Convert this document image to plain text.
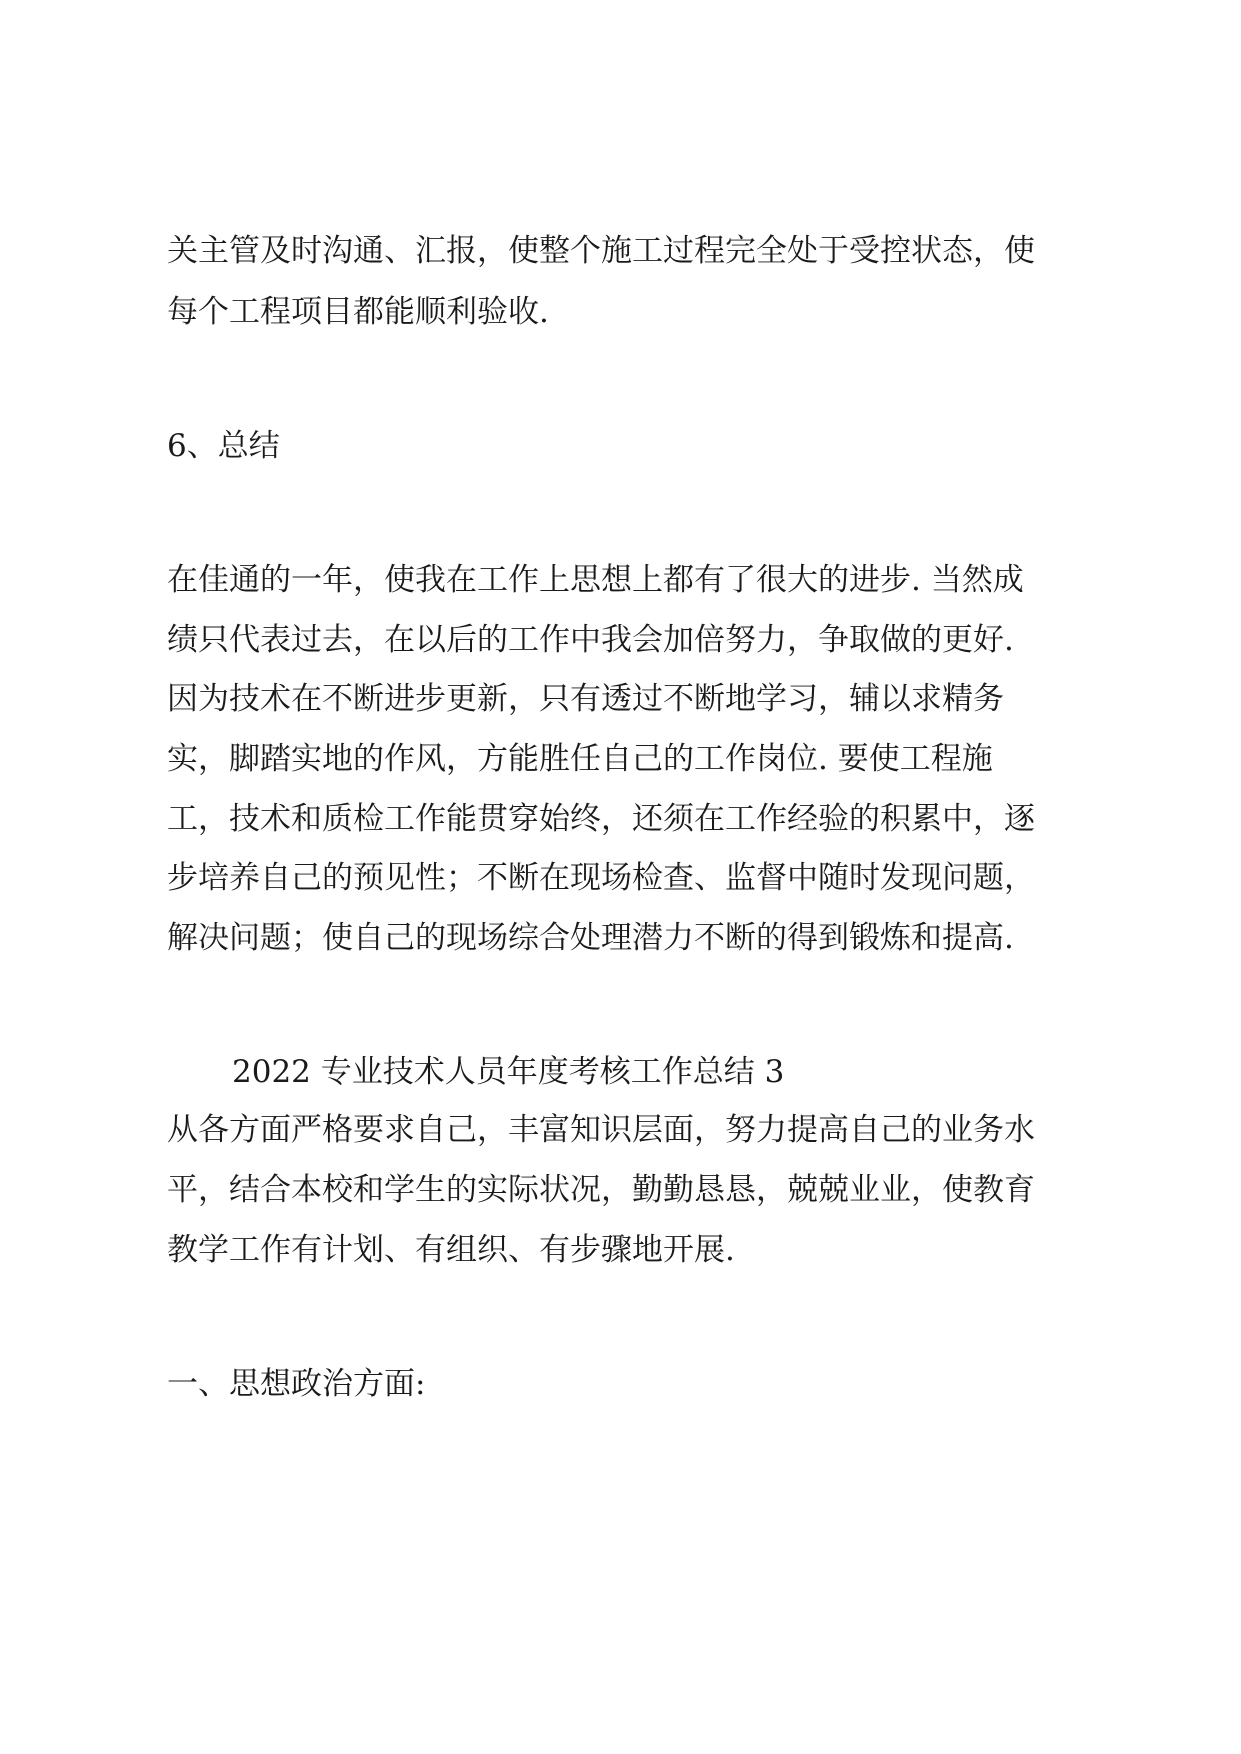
关主管及时沟通、汇报，使整个施工过程完全处于受控状态，使

每个工程项目都能顺利验收.

6、总结

在佳通的一年，使我在工作上思想上都有了很大的进步. 当然成

绩只代表过去，在以后的工作中我会加倍努力，争取做的更好.

因为技术在不断进步更新，只有透过不断地学习，辅以求精务

实，脚踏实地的作风，方能胜任自己的工作岗位. 要使工程施

工，技术和质检工作能贯穿始终，还须在工作经验的积累中，逐

步培养自己的预见性；不断在现场检查、监督中随时发现问题，

解决问题；使自己的现场综合处理潜力不断的得到锻炼和提高.

2022 专业技术人员年度考核工作总结 3

从各方面严格要求自己，丰富知识层面，努力提高自己的业务水

平，结合本校和学生的实际状况，勤勤恳恳，兢兢业业，使教育

教学工作有计划、有组织、有步骤地开展.

一、思想政治方面:
